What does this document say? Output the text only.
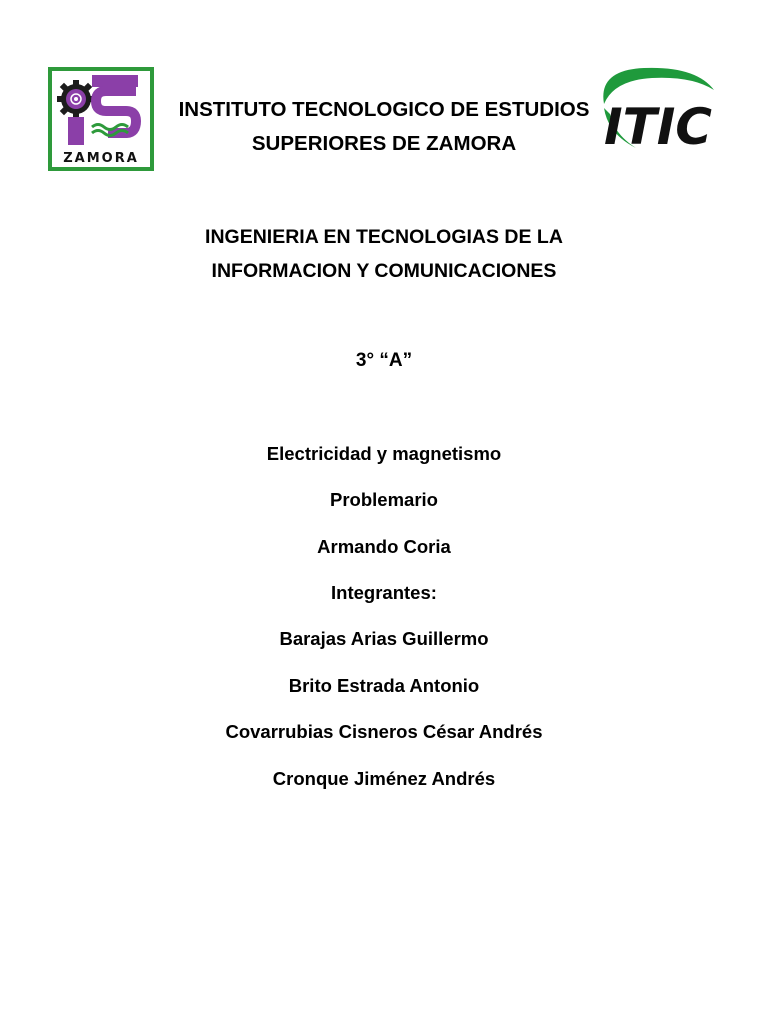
ZAMORA
ITIC
INSTITUTO TECNOLOGICO DE ESTUDIOS
SUPERIORES DE ZAMORA
INGENIERIA EN TECNOLOGIAS DE LA
INFORMACION Y COMUNICACIONES
3° “A”
Electricidad y magnetismo
Problemario
Armando Coria
Integrantes:
Barajas Arias Guillermo
Brito Estrada Antonio
Covarrubias Cisneros César Andrés
Cronque Jiménez Andrés
